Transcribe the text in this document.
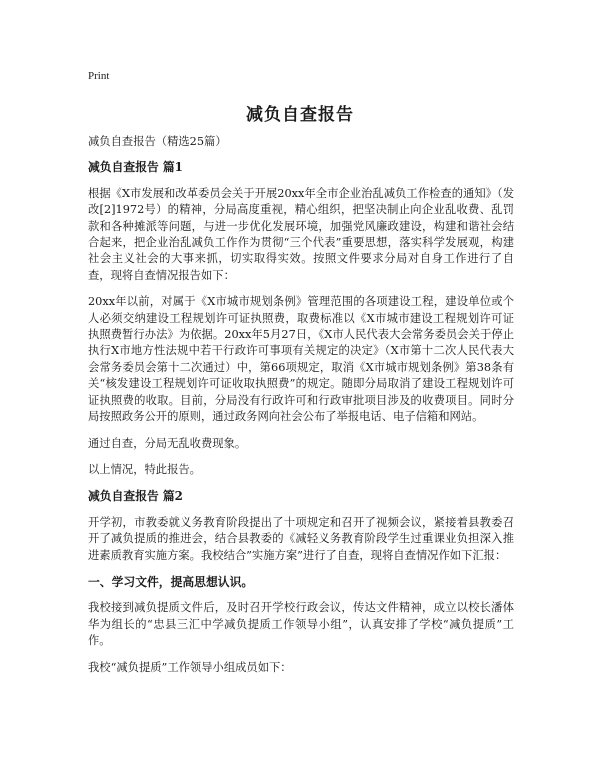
Print
减负自查报告

减负自查报告（精选25篇）

减负自查报告 篇1

根据《X市发展和改革委员会关于开展20xx年全市企业治乱减负工作检查的通知》（发改[2]1972号）的精神，分局高度重视，精心组织，把坚决制止向企业乱收费、乱罚款和各种摊派等问题，与进一步优化发展环境，加强党风廉政建设，构建和谐社会结合起来，把企业治乱减负工作作为贯彻“三个代表”重要思想，落实科学发展观，构建社会主义社会的大事来抓，切实取得实效。按照文件要求分局对自身工作进行了自查，现将自查情况报告如下：

20xx年以前，对属于《X市城市规划条例》管理范围的各项建设工程，建设单位或个人必须交纳建设工程规划许可证执照费，取费标准以《X市城市建设工程规划许可证执照费暂行办法》为依据。20xx年5月27日，《X市人民代表大会常务委员会关于停止执行X市地方性法规中若干行政许可事项有关规定的决定》（X市第十二次人民代表大会常务委员会第十二次通过）中，第66项规定，取消《X市城市规划条例》第38条有关“核发建设工程规划许可证收取执照费”的规定。随即分局取消了建设工程规划许可证执照费的收取。目前，分局没有行政许可和行政审批项目涉及的收费项目。同时分局按照政务公开的原则，通过政务网向社会公布了举报电话、电子信箱和网站。

通过自查，分局无乱收费现象。

以上情况，特此报告。

减负自查报告 篇2

开学初，市教委就义务教育阶段提出了十项规定和召开了视频会议，紧接着县教委召开了减负提质的推进会，结合县教委的《减轻义务教育阶段学生过重课业负担深入推进素质教育实施方案。我校结合”实施方案”进行了自查，现将自查情况作如下汇报：

一、学习文件，提高思想认识。

我校接到减负提质文件后，及时召开学校行政会议，传达文件精神，成立以校长潘体华为组长的“忠县三汇中学减负提质工作领导小组”，认真安排了学校“减负提质”工作。

我校“减负提质”工作领导小组成员如下：
